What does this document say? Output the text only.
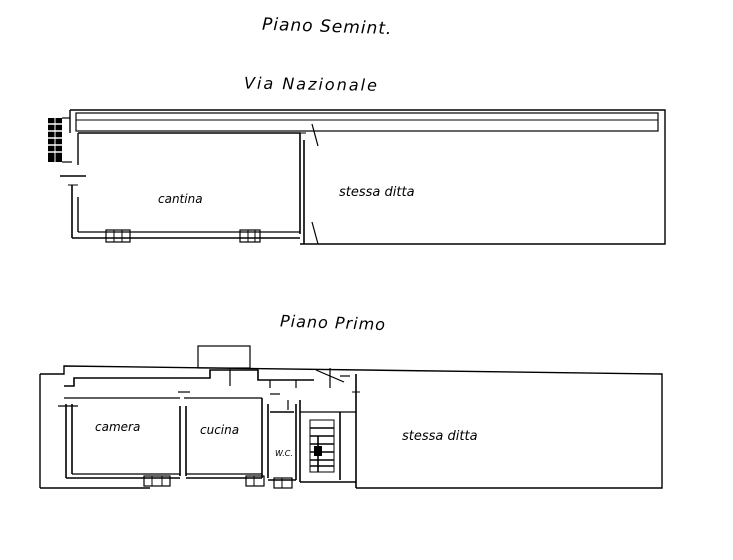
Piano Semint.
Via Nazionale
cantina	stessa ditta
Piano Primo
camera	cucina
W.C.
stessa ditta
